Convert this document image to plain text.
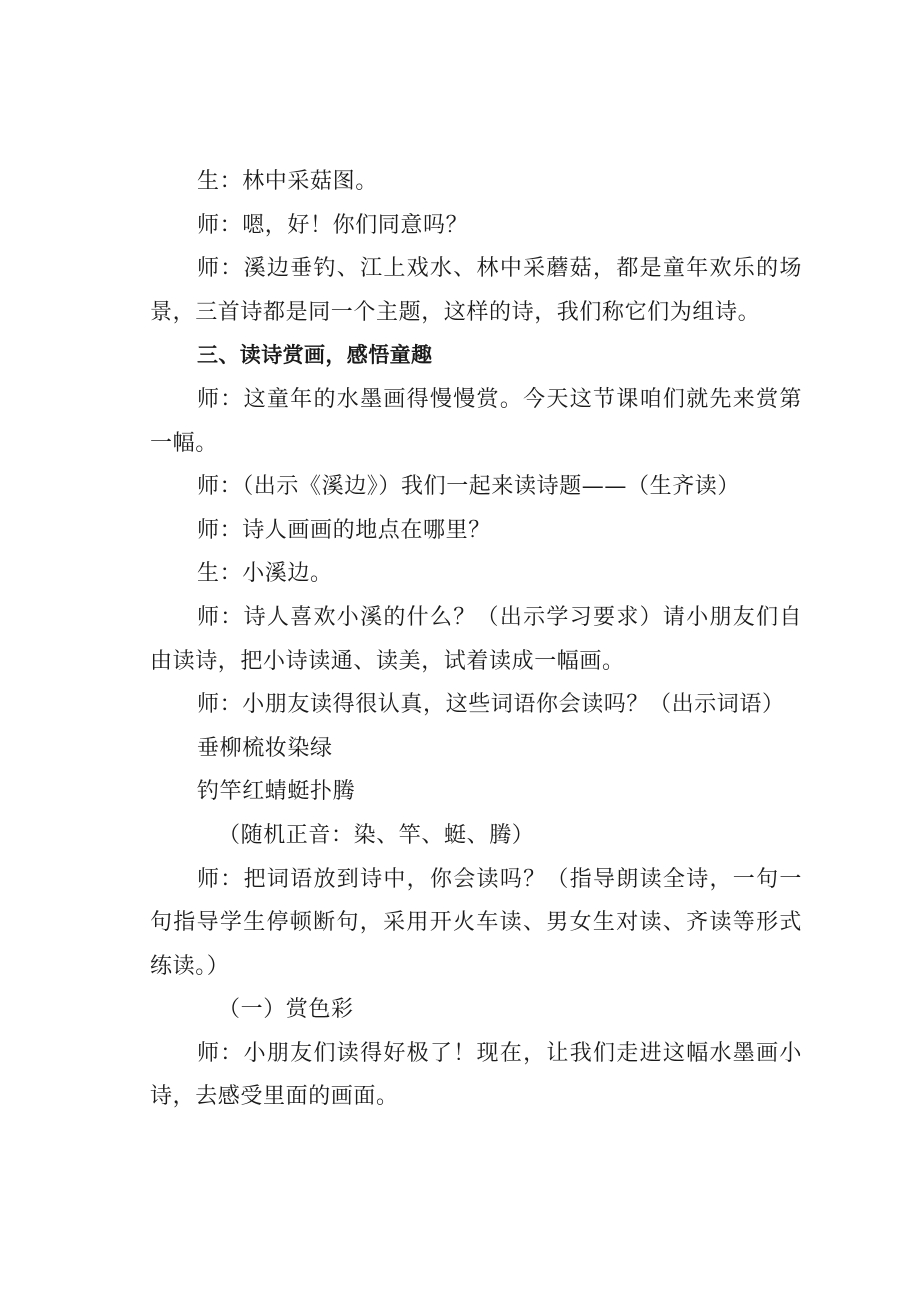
生：林中采菇图。

师：嗯，好！你们同意吗？

师：溪边垂钓、江上戏水、林中采蘑菇，都是童年欢乐的场景，三首诗都是同一个主题，这样的诗，我们称它们为组诗。

三、读诗赏画，感悟童趣

师：这童年的水墨画得慢慢赏。今天这节课咱们就先来赏第一幅。

师：（出示《溪边》）我们一起来读诗题——（生齐读）

师：诗人画画的地点在哪里？

生：小溪边。

师：诗人喜欢小溪的什么？（出示学习要求）请小朋友们自由读诗，把小诗读通、读美，试着读成一幅画。

师：小朋友读得很认真，这些词语你会读吗？（出示词语）

垂柳梳妆染绿

钓竿红蜻蜓扑腾

（随机正音：染、竿、蜓、腾）

师：把词语放到诗中，你会读吗？（指导朗读全诗，一句一句指导学生停顿断句，采用开火车读、男女生对读、齐读等形式练读。）

（一）赏色彩

师：小朋友们读得好极了！现在，让我们走进这幅水墨画小诗，去感受里面的画面。
